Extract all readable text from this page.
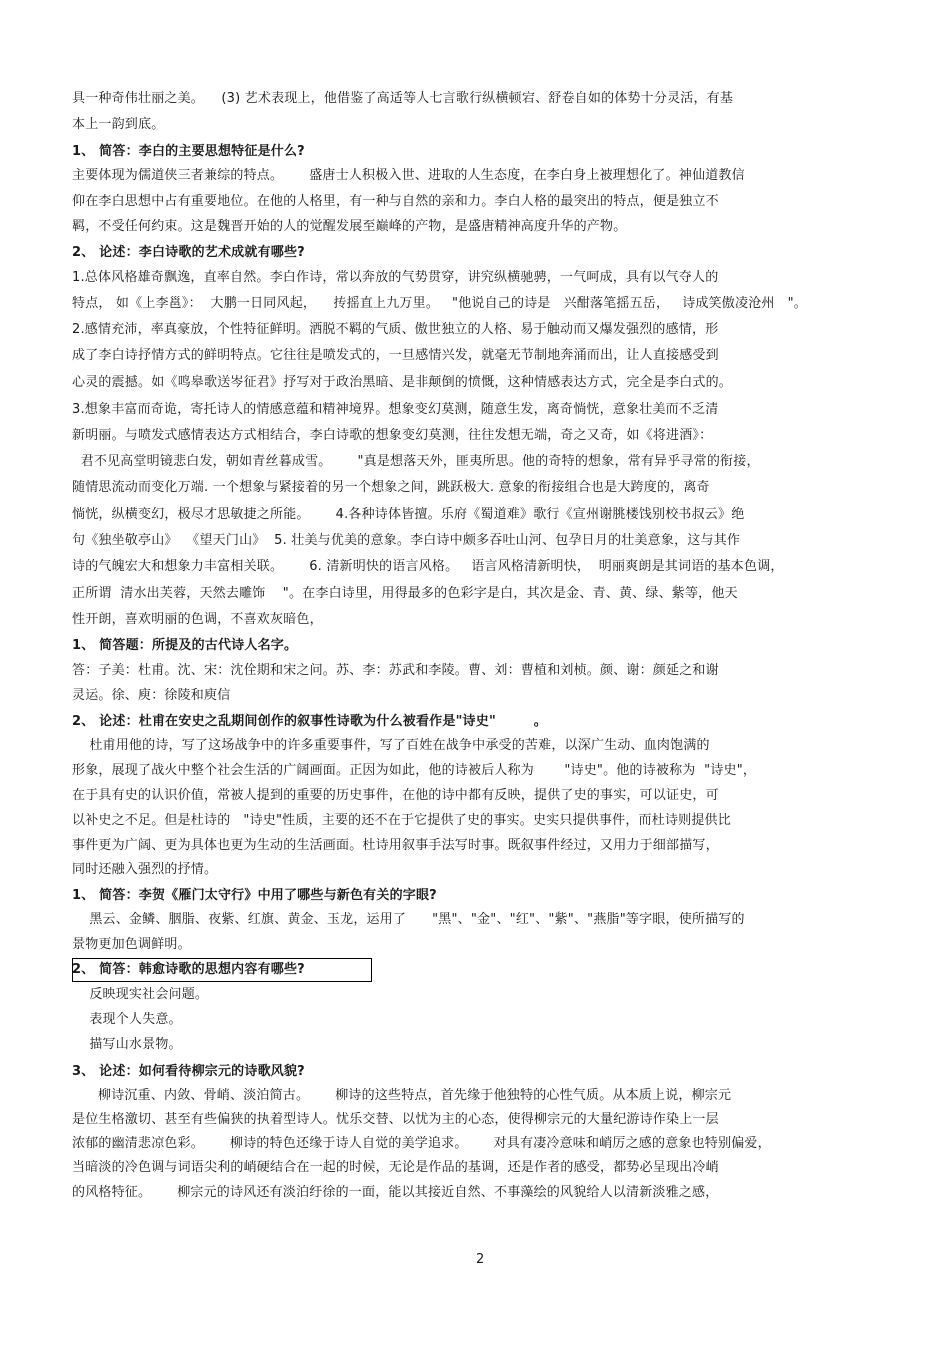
具一种奇伟壮丽之美。    (3) 艺术表现上，他借鉴了高适等人七言歌行纵横顿宕、舒卷自如的体势十分灵活，有基
本上一韵到底。
1、 简答：李白的主要思想特征是什么?
主要体现为儒道侠三者兼综的特点。      盛唐士人积极入世、进取的人生态度，在李白身上被理想化了。神仙道教信
仰在李白思想中占有重要地位。在他的人格里，有一种与自然的亲和力。李白人格的最突出的特点，便是独立不
羁，不受任何约束。这是魏晋开始的人的觉醒发展至巅峰的产物，是盛唐精神高度升华的产物。
2、 论述：李白诗歌的艺术成就有哪些?
1.总体风格雄奇飘逸，直率自然。李白作诗，常以奔放的气势贯穿，讲究纵横驰骋，一气呵成，具有以气夺人的
特点， 如《上李邕》：  大鹏一日同风起，    抟摇直上九万里。   "他说自己的诗是   兴酣落笔摇五岳，   诗成笑傲凌沧州   "。
2.感情充沛，率真豪放，个性特征鲜明。洒脱不羁的气质、傲世独立的人格、易于触动而又爆发强烈的感情，形
成了李白诗抒情方式的鲜明特点。它往往是喷发式的，一旦感情兴发，就毫无节制地奔涌而出，让人直接感受到
心灵的震撼。如《鸣皋歌送岑征君》抒写对于政治黑暗、是非颠倒的愤慨，这种情感表达方式，完全是李白式的。
3.想象丰富而奇诡，寄托诗人的情感意蕴和精神境界。想象变幻莫测，随意生发，离奇惝恍，意象壮美而不乏清
新明丽。与喷发式感情表达方式相结合，李白诗歌的想象变幻莫测，往往发想无端，奇之又奇，如《将进酒》：
君不见高堂明镜悲白发，朝如青丝暮成雪。      "真是想落天外，匪夷所思。他的奇特的想象，常有异乎寻常的衔接，
随情思流动而变化万端. 一个想象与紧接着的另一个想象之间，跳跃极大. 意象的衔接组合也是大跨度的，离奇
惝恍，纵横变幻，极尽才思敏捷之所能。      4.各种诗体皆擅。乐府《蜀道难》歌行《宣州谢朓楼饯别校书叔云》绝
句《独坐敬亭山》  《望天门山》  5. 壮美与优美的意象。李白诗中颇多吞吐山河、包孕日月的壮美意象，这与其作
诗的气魄宏大和想象力丰富相关联。      6. 清新明快的语言风格。   语言风格清新明快，  明丽爽朗是其词语的基本色调，
正所谓  清水出芙蓉，天然去雕饰    "。在李白诗里，用得最多的色彩字是白，其次是金、青、黄、绿、紫等，他天
性开朗，喜欢明丽的色调，不喜欢灰暗色，
1、 简答题：所提及的古代诗人名字。
答：子美：杜甫。沈、宋：沈佺期和宋之问。苏、李：苏武和李陵。曹、刘：曹植和刘桢。颜、谢：颜延之和谢
灵运。徐、庾：徐陵和庾信
2、 论述：杜甫在安史之乱期间创作的叙事性诗歌为什么被看作是"诗史"        。
杜甫用他的诗，写了这场战争中的许多重要事件，写了百姓在战争中承受的苦难，以深广生动、血肉饱满的
形象，展现了战火中整个社会生活的广阔画面。正因为如此，他的诗被后人称为       "诗史"。他的诗被称为  "诗史"，
在于具有史的认识价值，常被人提到的重要的历史事件，在他的诗中都有反映，提供了史的事实，可以证史，可
以补史之不足。但是杜诗的   "诗史"性质，主要的还不在于它提供了史的事实。史实只提供事件，而杜诗则提供比
事件更为广阔、更为具体也更为生动的生活画面。杜诗用叙事手法写时事。既叙事件经过，又用力于细部描写，
同时还融入强烈的抒情。
1、 简答：李贺《雁门太守行》中用了哪些与新色有关的字眼?
黑云、金鳞、胭脂、夜紫、红旗、黄金、玉龙，运用了      "黑"、"金"、"红"、"紫"、"燕脂"等字眼，使所描写的
景物更加色调鲜明。
2、 简答：韩愈诗歌的思想内容有哪些?
反映现实社会问题。
表现个人失意。
描写山水景物。
3、 论述：如何看待柳宗元的诗歌风貌?
柳诗沉重、内敛、骨峭、淡泊简古。      柳诗的这些特点，首先缘于他独特的心性气质。从本质上说，柳宗元
是位生格激切、甚至有些偏狭的执着型诗人。忧乐交替、以忧为主的心态，使得柳宗元的大量纪游诗作染上一层
浓郁的幽清悲凉色彩。      柳诗的特色还缘于诗人自觉的美学追求。      对具有凄冷意味和峭厉之感的意象也特别偏爱，
当暗淡的冷色调与词语尖利的峭硬结合在一起的时候，无论是作品的基调，还是作者的感受，都势必呈现出冷峭
的风格特征。      柳宗元的诗风还有淡泊纡徐的一面，能以其接近自然、不事藻绘的风貌给人以清新淡雅之感，
2
